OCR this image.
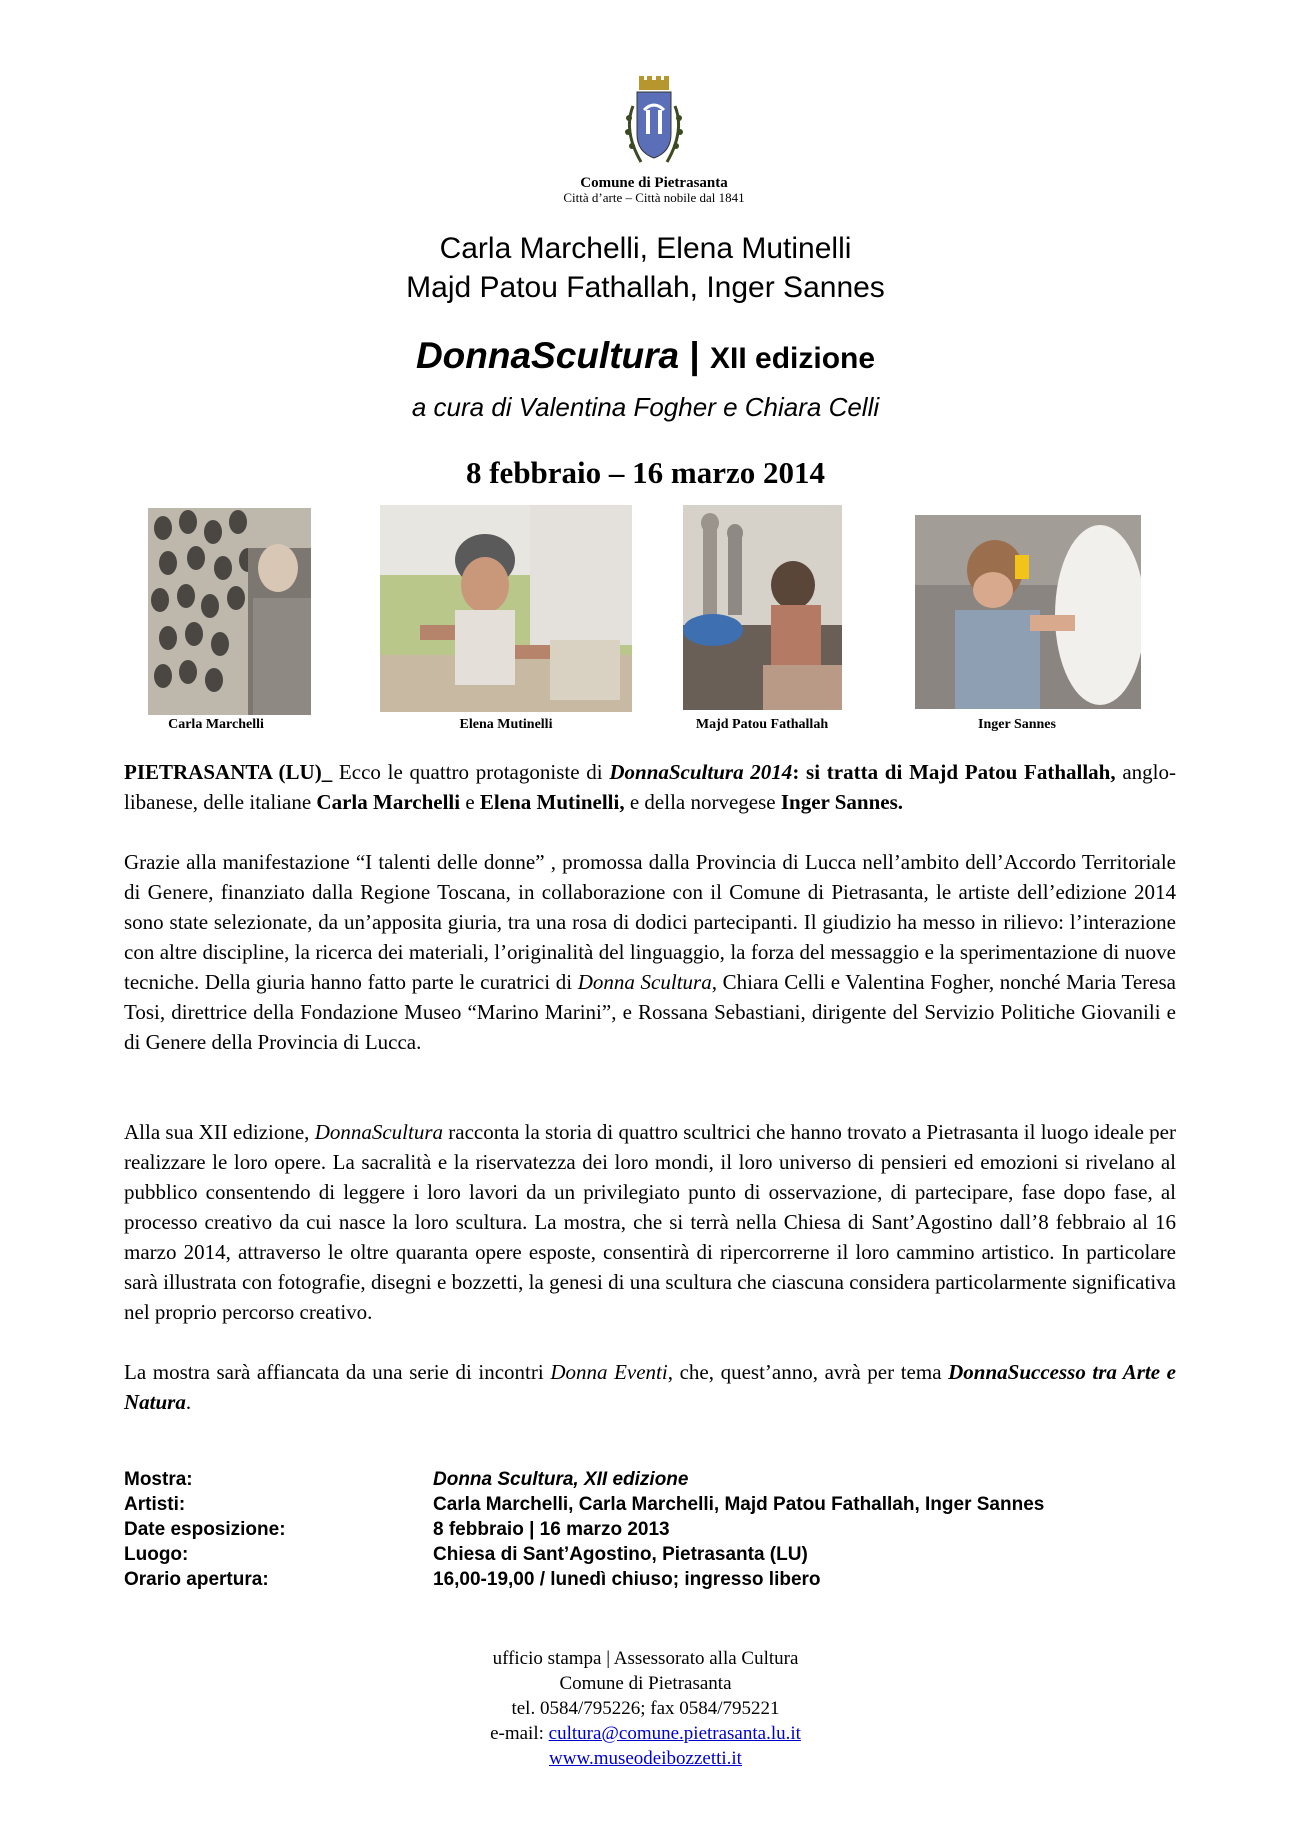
Comune di Pietrasanta
Città d’arte – Città nobile dal 1841
Carla Marchelli, Elena Mutinelli
Majd Patou Fathallah, Inger Sannes
DonnaScultura | XII edizione
a cura di Valentina Fogher e Chiara Celli
8 febbraio – 16 marzo 2014
Carla Marchelli	Elena Mutinelli	Majd Patou Fathallah	Inger Sannes

PIETRASANTA (LU)_ Ecco le quattro protagoniste di DonnaScultura 2014: si tratta di Majd Patou Fathallah, anglo-libanese, delle italiane Carla Marchelli e Elena Mutinelli, e della norvegese Inger Sannes.

Grazie alla manifestazione “I talenti delle donne” , promossa dalla Provincia di Lucca nell’ambito dell’Accordo Territoriale di Genere, finanziato dalla Regione Toscana, in collaborazione con il Comune di Pietrasanta, le artiste dell’edizione 2014 sono state selezionate, da un’apposita giuria, tra una rosa di dodici partecipanti. Il giudizio ha messo in rilievo: l’interazione con altre discipline, la ricerca dei materiali, l’originalità del linguaggio, la forza del messaggio e la sperimentazione di nuove tecniche. Della giuria hanno fatto parte le curatrici di Donna Scultura, Chiara Celli e Valentina Fogher, nonché Maria Teresa Tosi, direttrice della Fondazione Museo “Marino Marini”, e Rossana Sebastiani, dirigente del Servizio Politiche Giovanili e di Genere della Provincia di Lucca.

Alla sua XII edizione, DonnaScultura racconta la storia di quattro scultrici che hanno trovato a Pietrasanta il luogo ideale per realizzare le loro opere. La sacralità e la riservatezza dei loro mondi, il loro universo di pensieri ed emozioni si rivelano al pubblico consentendo di leggere i loro lavori da un privilegiato punto di osservazione, di partecipare, fase dopo fase, al processo creativo da cui nasce la loro scultura. La mostra, che si terrà nella Chiesa di Sant’Agostino dall’8 febbraio al 16 marzo 2014, attraverso le oltre quaranta opere esposte, consentirà di ripercorrerne il loro cammino artistico. In particolare sarà illustrata con fotografie, disegni e bozzetti, la genesi di una scultura che ciascuna considera particolarmente significativa nel proprio percorso creativo.

La mostra sarà affiancata da una serie di incontri Donna Eventi, che, quest’anno, avrà per tema DonnaSuccesso tra Arte e Natura.

Mostra:	Donna Scultura, XII edizione
Artisti:	Carla Marchelli, Carla Marchelli, Majd Patou Fathallah, Inger Sannes
Date esposizione:	8 febbraio | 16 marzo 2013
Luogo:	Chiesa di Sant’Agostino, Pietrasanta (LU)
Orario apertura:	16,00-19,00 / lunedì chiuso; ingresso libero
ufficio stampa | Assessorato alla Cultura
Comune di Pietrasanta
tel. 0584/795226; fax 0584/795221
e-mail: cultura@comune.pietrasanta.lu.it
www.museodeibozzetti.it
